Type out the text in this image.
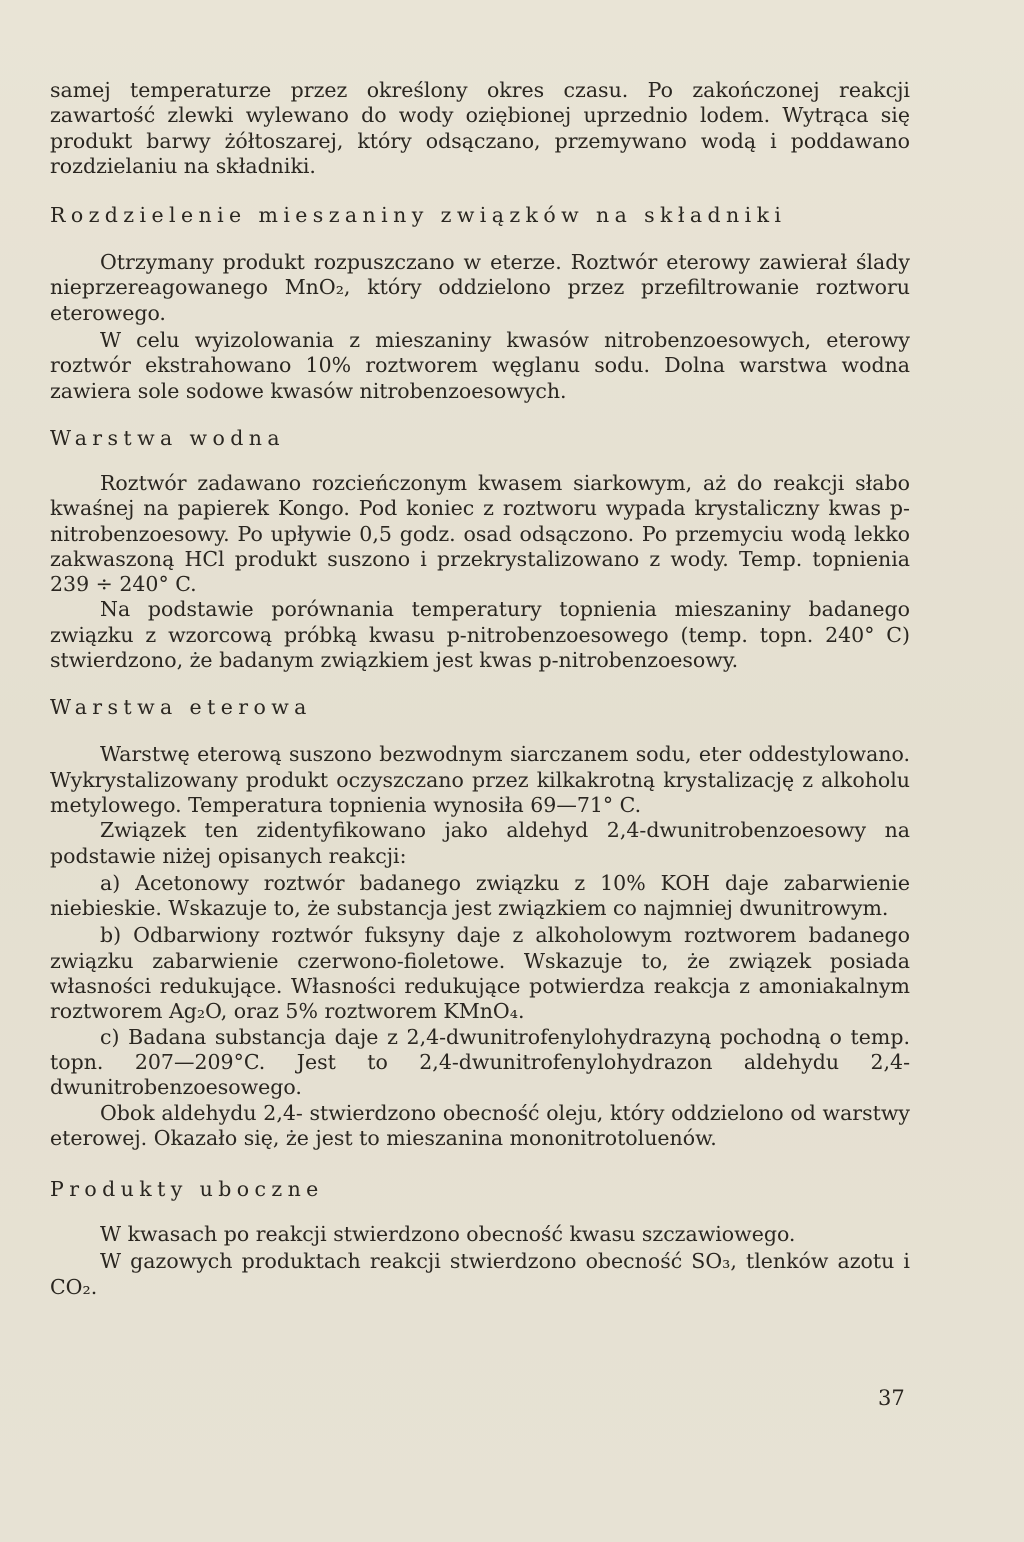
samej temperaturze przez określony okres czasu. Po zakończonej reakcji zawartość zlewki wylewano do wody oziębionej uprzednio lodem. Wytrąca się produkt barwy żółtoszarej, który odsączano, przemywano wodą i poddawano rozdzielaniu na składniki.

Rozdzielenie mieszaniny związków na składniki

Otrzymany produkt rozpuszczano w eterze. Roztwór eterowy zawierał ślady nieprzereagowanego MnO₂, który oddzielono przez przefiltrowanie roztworu eterowego.

W celu wyizolowania z mieszaniny kwasów nitrobenzoesowych, eterowy roztwór ekstrahowano 10% roztworem węglanu sodu. Dolna warstwa wodna zawiera sole sodowe kwasów nitrobenzoesowych.

Warstwa wodna

Roztwór zadawano rozcieńczonym kwasem siarkowym, aż do reakcji słabo kwaśnej na papierek Kongo. Pod koniec z roztworu wypada krystaliczny kwas p-nitrobenzoesowy. Po upływie 0,5 godz. osad odsączono. Po przemyciu wodą lekko zakwaszoną HCl produkt suszono i przekrystalizowano z wody. Temp. topnienia 239 ÷ 240° C.

Na podstawie porównania temperatury topnienia mieszaniny badanego związku z wzorcową próbką kwasu p-nitrobenzoesowego (temp. topn. 240° C) stwierdzono, że badanym związkiem jest kwas p-nitrobenzoesowy.

Warstwa eterowa

Warstwę eterową suszono bezwodnym siarczanem sodu, eter oddestylowano. Wykrystalizowany produkt oczyszczano przez kilkakrotną krystalizację z alkoholu metylowego. Temperatura topnienia wynosiła 69—71° C.

Związek ten zidentyfikowano jako aldehyd 2,4-dwunitrobenzoesowy na podstawie niżej opisanych reakcji:

a) Acetonowy roztwór badanego związku z 10% KOH daje zabarwienie niebieskie. Wskazuje to, że substancja jest związkiem co najmniej dwunitrowym.

b) Odbarwiony roztwór fuksyny daje z alkoholowym roztworem badanego związku zabarwienie czerwono-fioletowe. Wskazuje to, że związek posiada własności redukujące. Własności redukujące potwierdza reakcja z amoniakalnym roztworem Ag₂O, oraz 5% roztworem KMnO₄.

c) Badana substancja daje z 2,4-dwunitrofenylohydrazyną pochodną o temp. topn. 207—209°C. Jest to 2,4-dwunitrofenylohydrazon aldehydu 2,4-dwunitrobenzoesowego.

Obok aldehydu 2,4- stwierdzono obecność oleju, który oddzielono od warstwy eterowej. Okazało się, że jest to mieszanina mononitrotoluenów.

Produkty uboczne

W kwasach po reakcji stwierdzono obecność kwasu szczawiowego.

W gazowych produktach reakcji stwierdzono obecność SO₃, tlenków azotu i CO₂.

37
